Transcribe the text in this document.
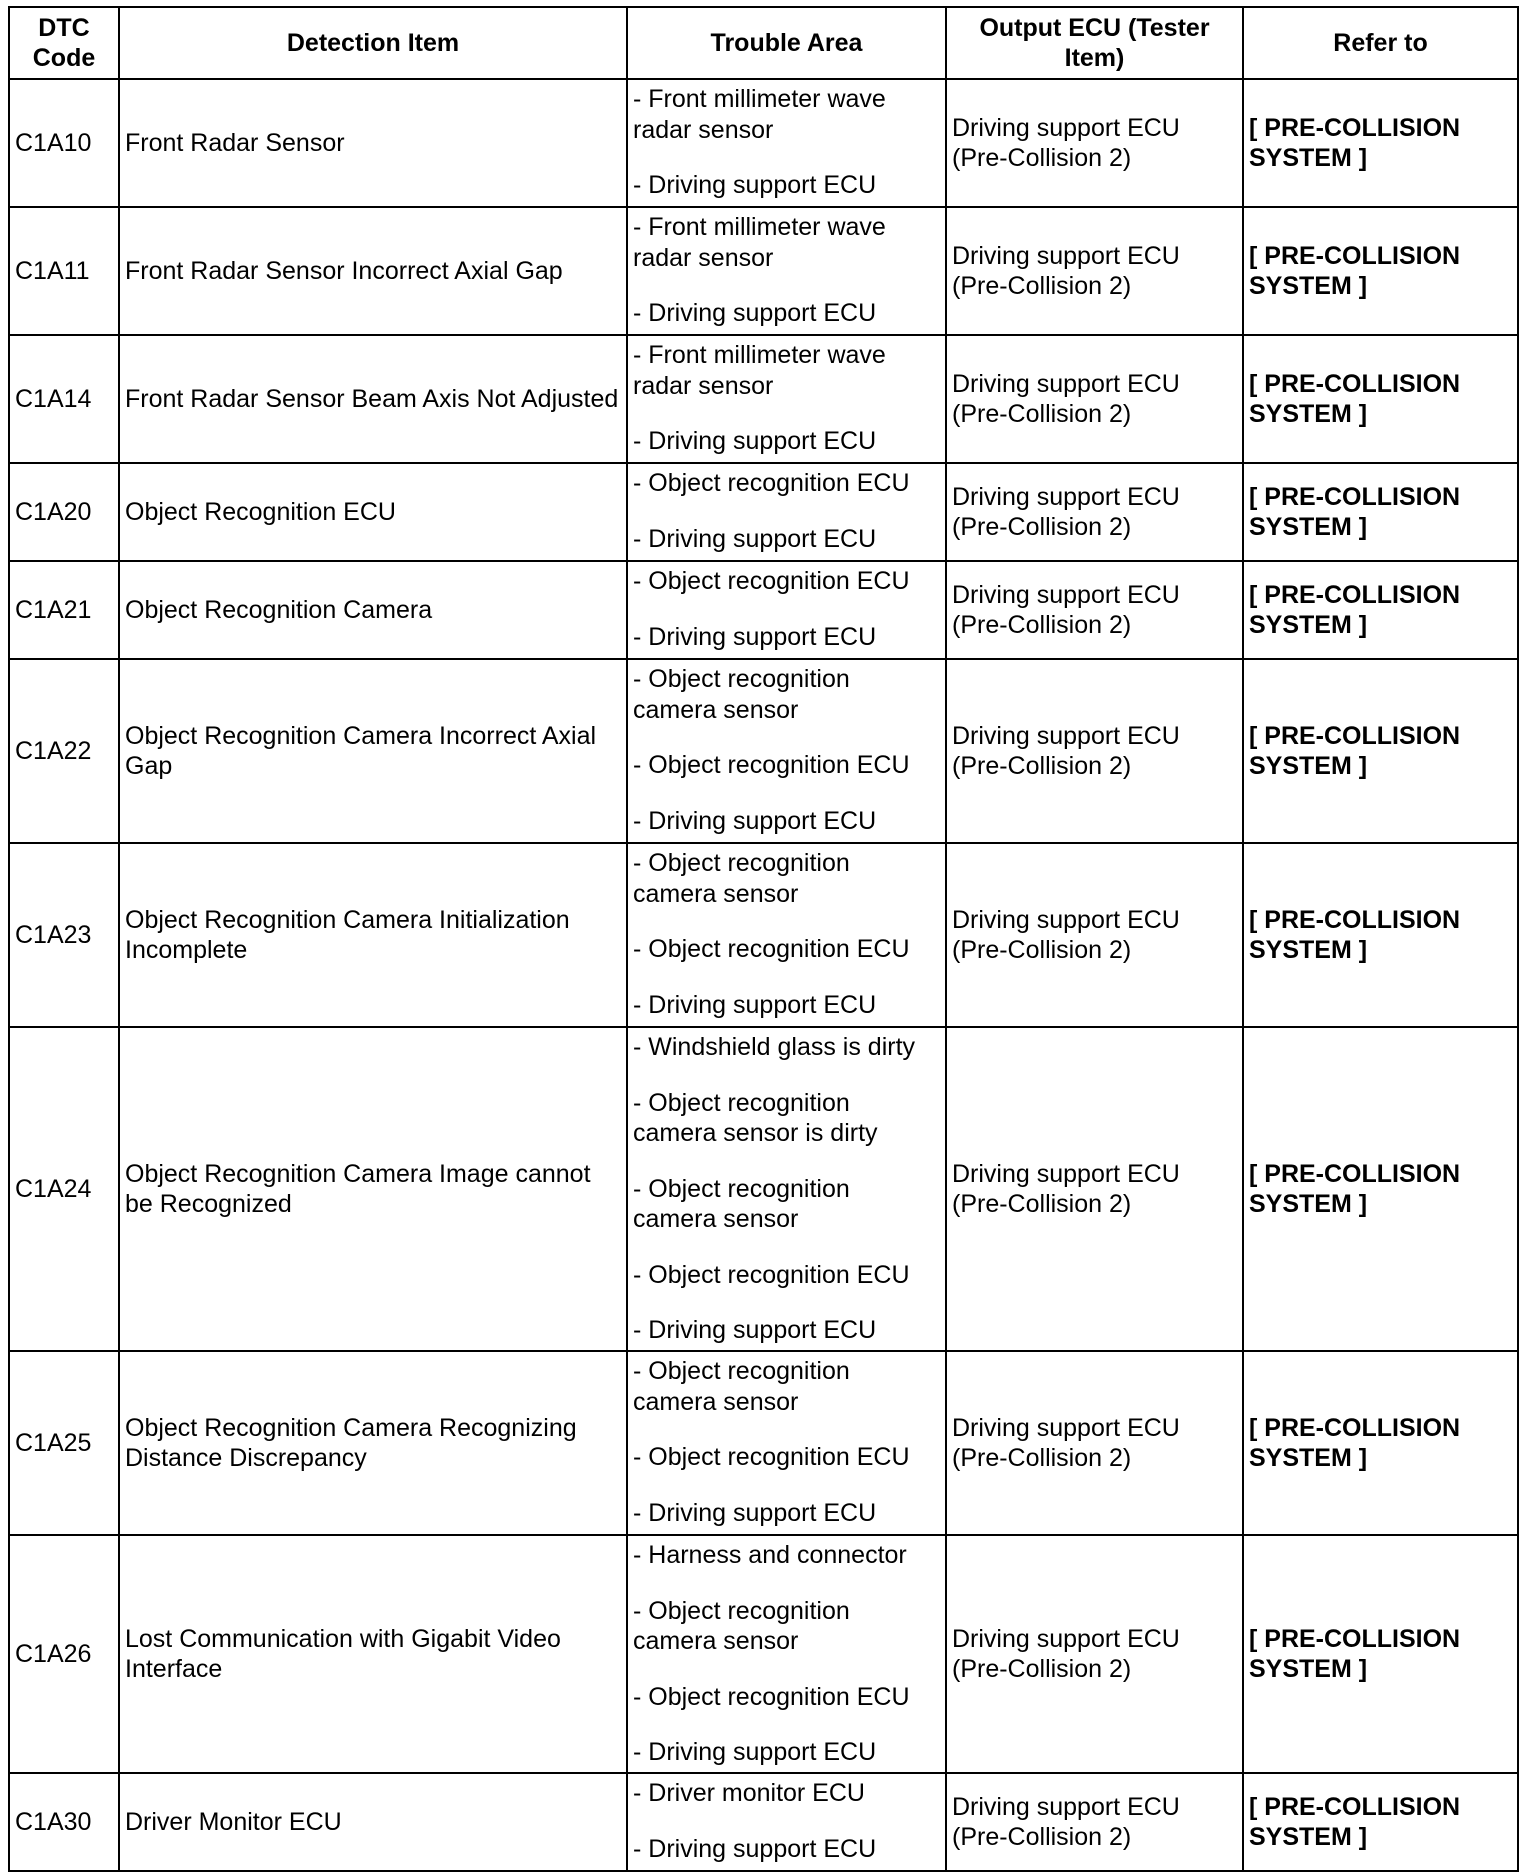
DTC Code	Detection Item	Trouble Area	Output ECU (Tester Item)	Refer to
C1A10	Front Radar Sensor	- Front millimeter wave radar sensor
- Driving support ECU	Driving support ECU (Pre-Collision 2)	[ PRE-COLLISION SYSTEM ]
C1A11	Front Radar Sensor Incorrect Axial Gap	- Front millimeter wave radar sensor
- Driving support ECU	Driving support ECU (Pre-Collision 2)	[ PRE-COLLISION SYSTEM ]
C1A14	Front Radar Sensor Beam Axis Not Adjusted	- Front millimeter wave radar sensor
- Driving support ECU	Driving support ECU (Pre-Collision 2)	[ PRE-COLLISION SYSTEM ]
C1A20	Object Recognition ECU	- Object recognition ECU
- Driving support ECU	Driving support ECU (Pre-Collision 2)	[ PRE-COLLISION SYSTEM ]
C1A21	Object Recognition Camera	- Object recognition ECU
- Driving support ECU	Driving support ECU (Pre-Collision 2)	[ PRE-COLLISION SYSTEM ]
C1A22	Object Recognition Camera Incorrect Axial Gap	- Object recognition camera sensor
- Object recognition ECU
- Driving support ECU	Driving support ECU (Pre-Collision 2)	[ PRE-COLLISION SYSTEM ]
C1A23	Object Recognition Camera Initialization Incomplete	- Object recognition camera sensor
- Object recognition ECU
- Driving support ECU	Driving support ECU (Pre-Collision 2)	[ PRE-COLLISION SYSTEM ]
C1A24	Object Recognition Camera Image cannot be Recognized	- Windshield glass is dirty
- Object recognition camera sensor is dirty
- Object recognition camera sensor
- Object recognition ECU
- Driving support ECU	Driving support ECU (Pre-Collision 2)	[ PRE-COLLISION SYSTEM ]
C1A25	Object Recognition Camera Recognizing Distance Discrepancy	- Object recognition camera sensor
- Object recognition ECU
- Driving support ECU	Driving support ECU (Pre-Collision 2)	[ PRE-COLLISION SYSTEM ]
C1A26	Lost Communication with Gigabit Video Interface	- Harness and connector
- Object recognition camera sensor
- Object recognition ECU
- Driving support ECU	Driving support ECU (Pre-Collision 2)	[ PRE-COLLISION SYSTEM ]
C1A30	Driver Monitor ECU	- Driver monitor ECU
- Driving support ECU	Driving support ECU (Pre-Collision 2)	[ PRE-COLLISION SYSTEM ]
